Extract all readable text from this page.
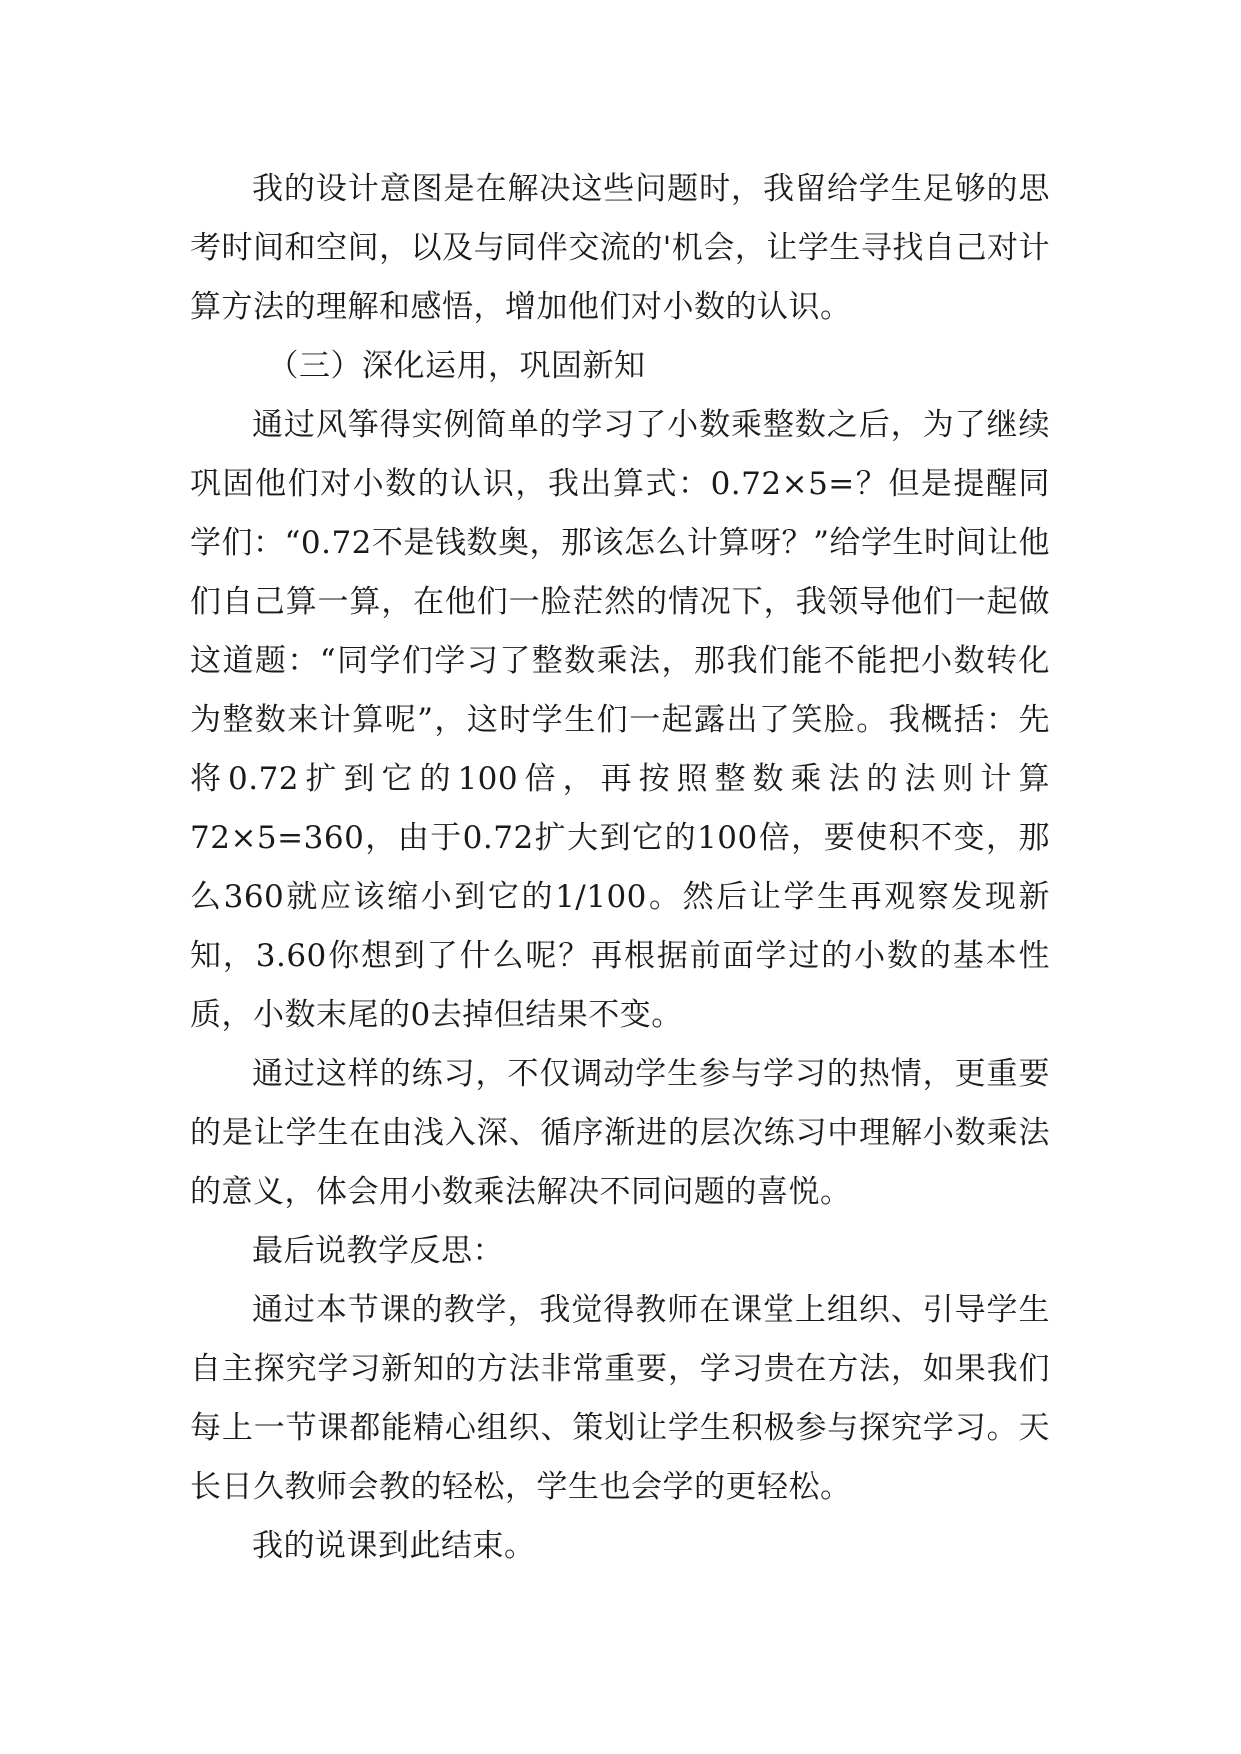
我的设计意图是在解决这些问题时，我留给学生足够的思考时间和空间，以及与同伴交流的'机会，让学生寻找自己对计算方法的理解和感悟，增加他们对小数的认识。

（三）深化运用，巩固新知

通过风筝得实例简单的学习了小数乘整数之后，为了继续巩固他们对小数的认识，我出算式：0.72×5=？但是提醒同学们：“0.72不是钱数奥，那该怎么计算呀？”给学生时间让他们自己算一算，在他们一脸茫然的情况下，我领导他们一起做这道题：“同学们学习了整数乘法，那我们能不能把小数转化为整数来计算呢”，这时学生们一起露出了笑脸。我概括：先将0.72扩到它的100倍，再按照整数乘法的法则计算72×5=360，由于0.72扩大到它的100倍，要使积不变，那么360就应该缩小到它的1/100。然后让学生再观察发现新知，3.60你想到了什么呢？再根据前面学过的小数的基本性质，小数末尾的0去掉但结果不变。

通过这样的练习，不仅调动学生参与学习的热情，更重要的是让学生在由浅入深、循序渐进的层次练习中理解小数乘法的意义，体会用小数乘法解决不同问题的喜悦。

最后说教学反思：

通过本节课的教学，我觉得教师在课堂上组织、引导学生自主探究学习新知的方法非常重要，学习贵在方法，如果我们每上一节课都能精心组织、策划让学生积极参与探究学习。天长日久教师会教的轻松，学生也会学的更轻松。

我的说课到此结束。
